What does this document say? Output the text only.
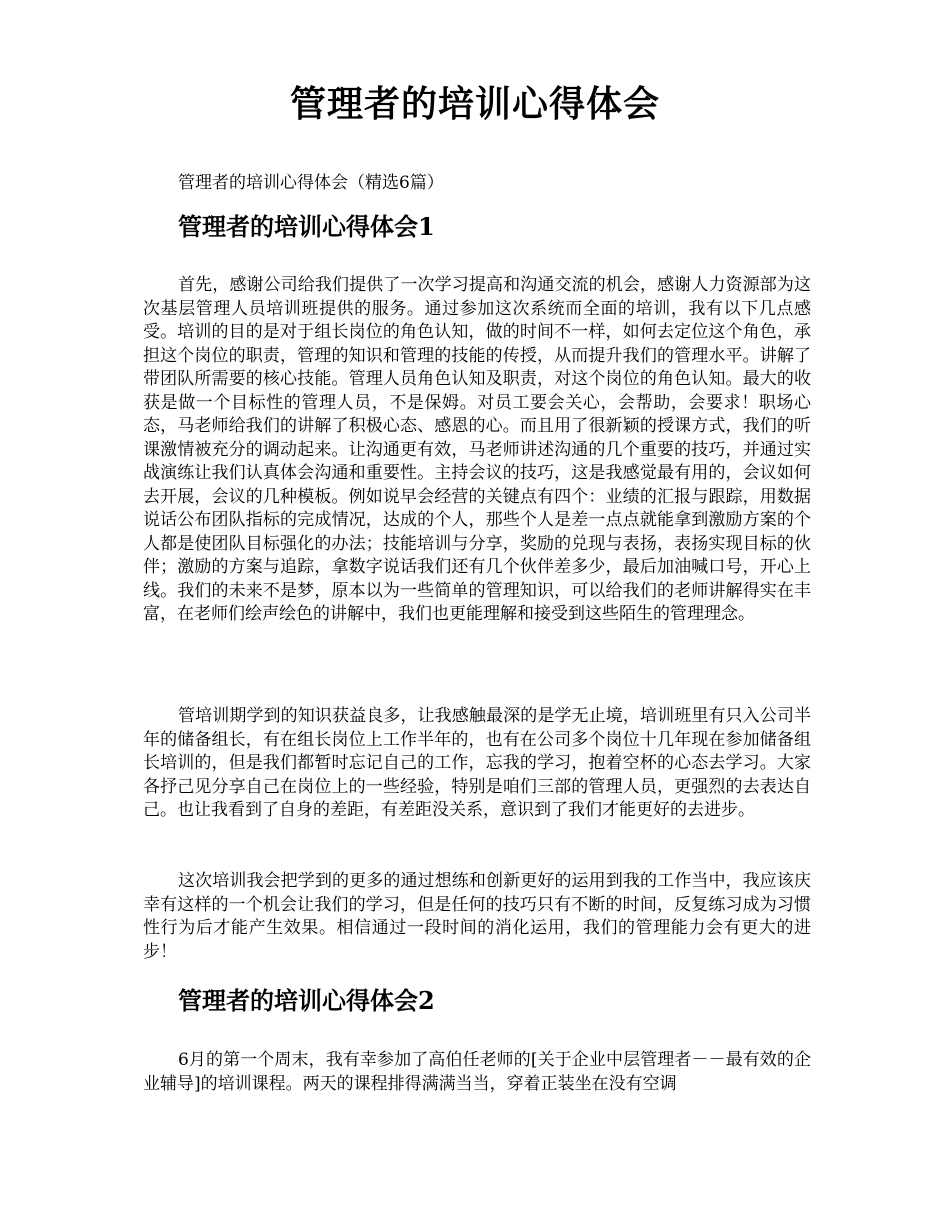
管理者的培训心得体会

管理者的培训心得体会（精选6篇）

管理者的培训心得体会1

首先，感谢公司给我们提供了一次学习提高和沟通交流的机会，感谢人力资源部为这次基层管理人员培训班提供的服务。通过参加这次系统而全面的培训，我有以下几点感受。培训的目的是对于组长岗位的角色认知，做的时间不一样，如何去定位这个角色，承担这个岗位的职责，管理的知识和管理的技能的传授，从而提升我们的管理水平。讲解了带团队所需要的核心技能。管理人员角色认知及职责，对这个岗位的角色认知。最大的收获是做一个目标性的管理人员，不是保姆。对员工要会关心，会帮助，会要求！职场心态，马老师给我们的讲解了积极心态、感恩的心。而且用了很新颖的授课方式，我们的听课激情被充分的调动起来。让沟通更有效，马老师讲述沟通的几个重要的技巧，并通过实战演练让我们认真体会沟通和重要性。主持会议的技巧，这是我感觉最有用的，会议如何去开展，会议的几种模板。例如说早会经营的关键点有四个：业绩的汇报与跟踪，用数据说话公布团队指标的完成情况，达成的个人，那些个人是差一点点就能拿到激励方案的个人都是使团队目标强化的办法；技能培训与分享，奖励的兑现与表扬，表扬实现目标的伙伴；激励的方案与追踪，拿数字说话我们还有几个伙伴差多少，最后加油喊口号，开心上线。我们的未来不是梦，原本以为一些简单的管理知识，可以给我们的老师讲解得实在丰富，在老师们绘声绘色的讲解中，我们也更能理解和接受到这些陌生的管理理念。

管培训期学到的知识获益良多，让我感触最深的是学无止境，培训班里有只入公司半年的储备组长，有在组长岗位上工作半年的，也有在公司多个岗位十几年现在参加储备组长培训的，但是我们都暂时忘记自己的工作，忘我的学习，抱着空杯的心态去学习。大家各抒己见分享自己在岗位上的一些经验，特别是咱们三部的管理人员，更强烈的去表达自己。也让我看到了自身的差距，有差距没关系，意识到了我们才能更好的去进步。

这次培训我会把学到的更多的通过想练和创新更好的运用到我的工作当中，我应该庆幸有这样的一个机会让我们的学习，但是任何的技巧只有不断的时间，反复练习成为习惯性行为后才能产生效果。相信通过一段时间的消化运用，我们的管理能力会有更大的进步！

管理者的培训心得体会2

6月的第一个周末，我有幸参加了高伯任老师的[关于企业中层管理者－－最有效的企业辅导]的培训课程。两天的课程排得满满当当，穿着正装坐在没有空调
